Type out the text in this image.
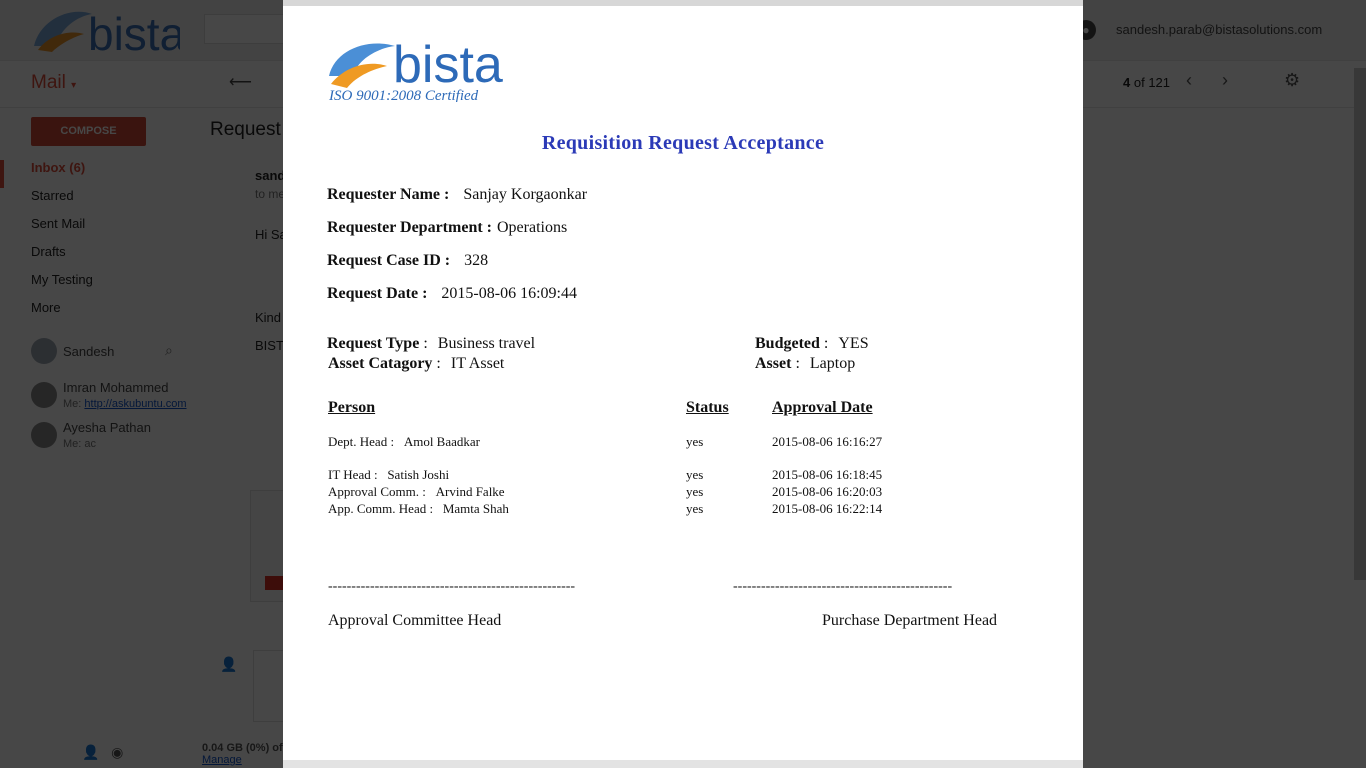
bista
ISO 9001:2008 Certified
Requisition Request Acceptance
Requester Name : Sanjay Korgaonkar
Requester Department : Operations
Request Case ID : 328
Request Date : 2015-08-06 16:09:44
Request Type : Business travel
Asset Catagory : IT Asset
Budgeted : YES
Asset : Laptop
Person	Status	Approval Date
Dept. Head : Amol Baadkar	yes	2015-08-06 16:16:27
IT Head : Satish Joshi	yes	2015-08-06 16:18:45
Approval Comm. : Arvind Falke	yes	2015-08-06 16:20:03
App. Comm. Head : Mamta Shah	yes	2015-08-06 16:22:14
-----------------------------------------------------	-----------------------------------------------
Approval Committee Head	Purchase Department Head
